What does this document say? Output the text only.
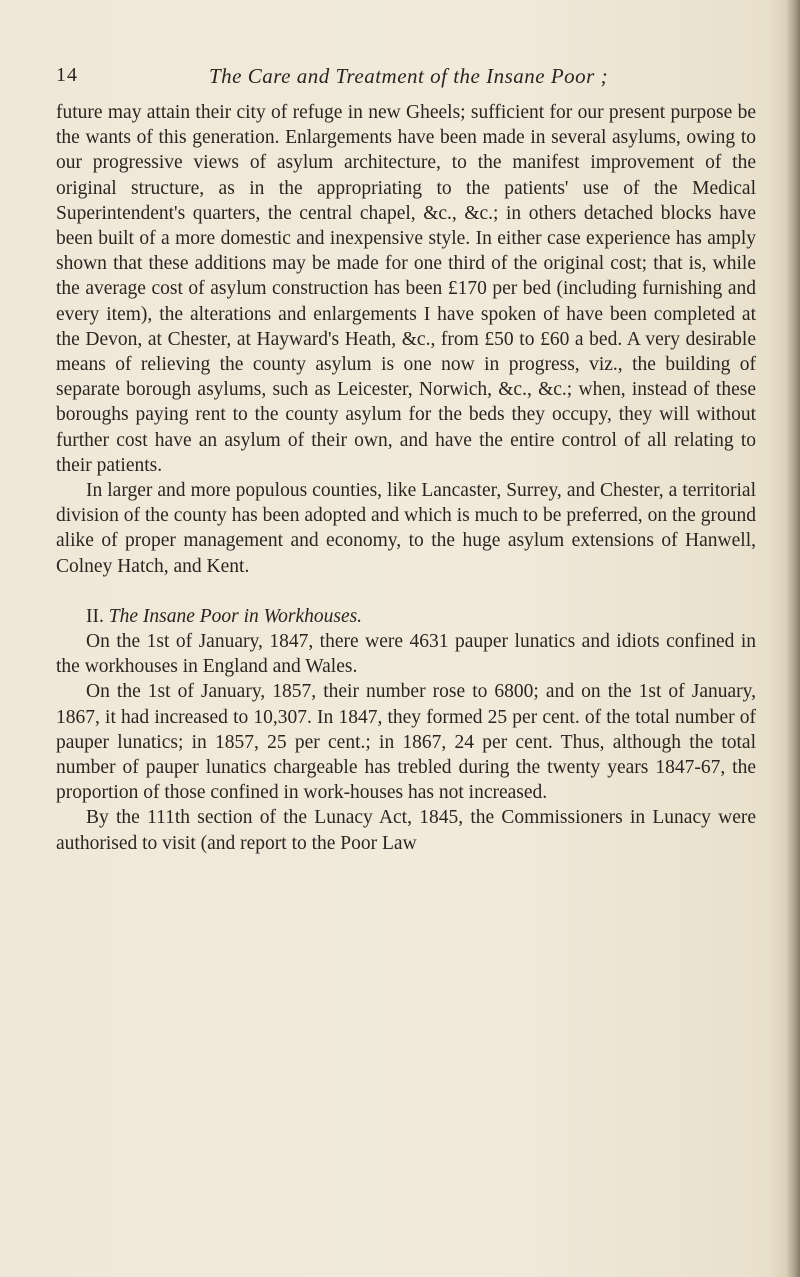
14	The Care and Treatment of the Insane Poor ;

future may attain their city of refuge in new Gheels; sufficient for our present purpose be the wants of this generation. Enlargements have been made in several asylums, owing to our progressive views of asylum architecture, to the manifest improvement of the original structure, as in the appropriating to the patients' use of the Medical Superintendent's quarters, the central chapel, &c., &c.; in others detached blocks have been built of a more domestic and inexpensive style. In either case experience has amply shown that these additions may be made for one third of the original cost; that is, while the average cost of asylum construction has been £170 per bed (including furnishing and every item), the alterations and enlargements I have spoken of have been completed at the Devon, at Chester, at Hayward's Heath, &c., from £50 to £60 a bed. A very desirable means of relieving the county asylum is one now in progress, viz., the building of separate borough asylums, such as Leicester, Norwich, &c., &c.; when, instead of these boroughs paying rent to the county asylum for the beds they occupy, they will without further cost have an asylum of their own, and have the entire control of all relating to their patients.

In larger and more populous counties, like Lancaster, Surrey, and Chester, a territorial division of the county has been adopted and which is much to be preferred, on the ground alike of proper management and economy, to the huge asylum extensions of Hanwell, Colney Hatch, and Kent.

II. The Insane Poor in Workhouses.

On the 1st of January, 1847, there were 4631 pauper lunatics and idiots confined in the workhouses in England and Wales.

On the 1st of January, 1857, their number rose to 6800; and on the 1st of January, 1867, it had increased to 10,307. In 1847, they formed 25 per cent. of the total number of pauper lunatics; in 1857, 25 per cent.; in 1867, 24 per cent. Thus, although the total number of pauper lunatics chargeable has trebled during the twenty years 1847-67, the proportion of those confined in work-houses has not increased.

By the 111th section of the Lunacy Act, 1845, the Commissioners in Lunacy were authorised to visit (and report to the Poor Law
